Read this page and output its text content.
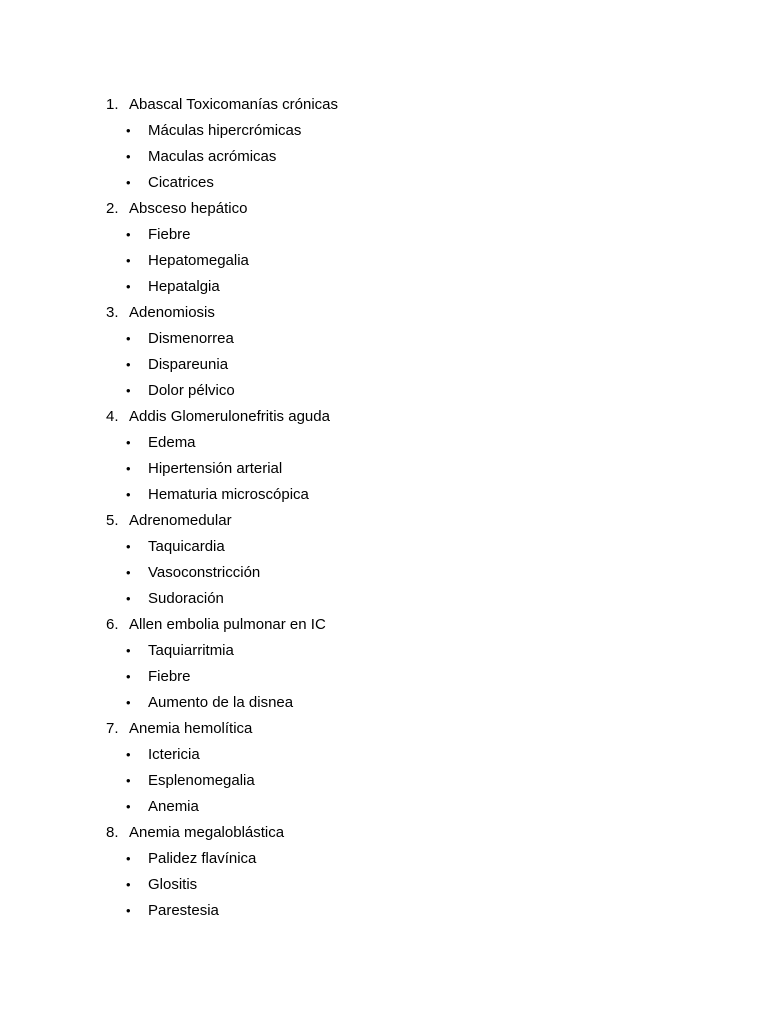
1. Abascal Toxicomanías crónicas
• Máculas hipercrómicas
• Maculas acrómicas
• Cicatrices
2. Absceso hepático
• Fiebre
• Hepatomegalia
• Hepatalgia
3. Adenomiosis
• Dismenorrea
• Dispareunia
• Dolor pélvico
4. Addis Glomerulonefritis aguda
• Edema
• Hipertensión arterial
• Hematuria microscópica
5. Adrenomedular
• Taquicardia
• Vasoconstricción
• Sudoración
6. Allen embolia pulmonar en IC
• Taquiarritmia
• Fiebre
• Aumento de la disnea
7. Anemia hemolítica
• Ictericia
• Esplenomegalia
• Anemia
8. Anemia megaloblástica
• Palidez flavínica
• Glositis
• Parestesia
